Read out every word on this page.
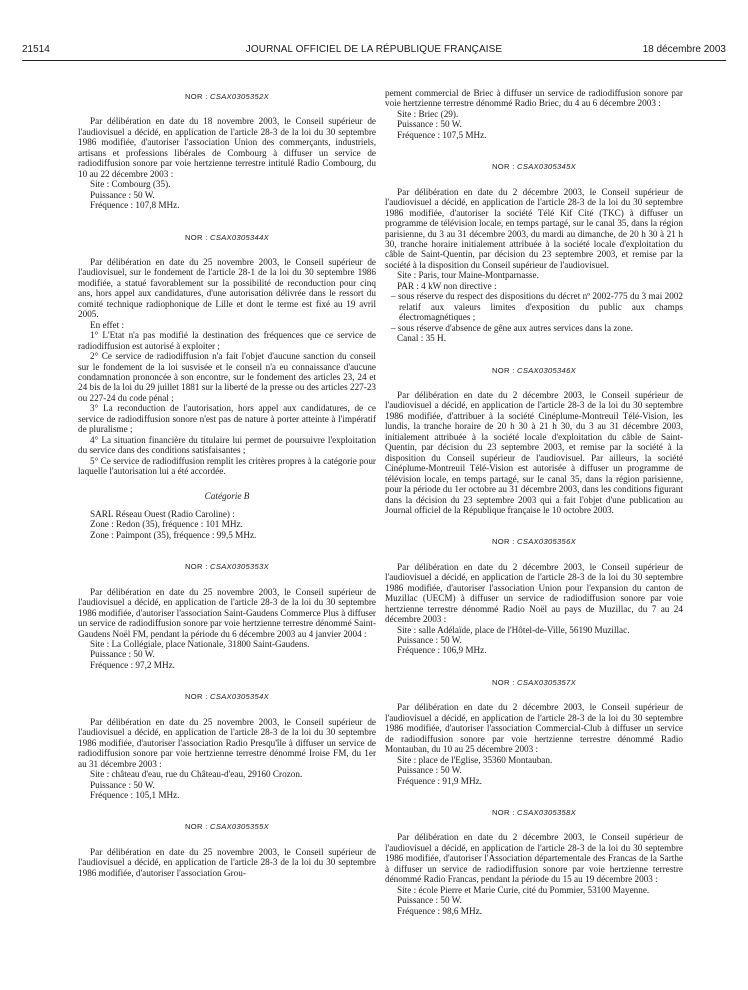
21514	JOURNAL OFFICIEL DE LA RÉPUBLIQUE FRANÇAISE	18 décembre 2003
NOR : CSAX0305352X

Par délibération en date du 18 novembre 2003, le Conseil supérieur de l'audiovisuel a décidé, en application de l'article 28-3 de la loi du 30 septembre 1986 modifiée, d'autoriser l'association Union des commerçants, industriels, artisans et professions libérales de Combourg à diffuser un service de radiodiffusion sonore par voie hertzienne terrestre intitulé Radio Combourg, du 10 au 22 décembre 2003 :

Site : Combourg (35).
Puissance : 50 W.
Fréquence : 107,8 MHz.
NOR : CSAX0305344X

Par délibération en date du 25 novembre 2003, le Conseil supérieur de l'audiovisuel, sur le fondement de l'article 28-1 de la loi du 30 septembre 1986 modifiée, a statué favorablement sur la possibilité de reconduction pour cinq ans, hors appel aux candidatures, d'une autorisation délivrée dans le ressort du comité technique radiophonique de Lille et dont le terme est fixé au 19 avril 2005.

En effet :

1° L'Etat n'a pas modifié la destination des fréquences que ce service de radiodiffusion est autorisé à exploiter ;

2° Ce service de radiodiffusion n'a fait l'objet d'aucune sanction du conseil sur le fondement de la loi susvisée et le conseil n'a eu connaissance d'aucune condamnation prononcée à son encontre, sur le fondement des articles 23, 24 et 24 bis de la loi du 29 juillet 1881 sur la liberté de la presse ou des articles 227-23 ou 227-24 du code pénal ;

3° La reconduction de l'autorisation, hors appel aux candidatures, de ce service de radiodiffusion sonore n'est pas de nature à porter atteinte à l'impératif de pluralisme ;

4° La situation financière du titulaire lui permet de poursuivre l'exploitation du service dans des conditions satisfaisantes ;

5° Ce service de radiodiffusion remplit les critères propres à la catégorie pour laquelle l'autorisation lui a été accordée.

Catégorie B
SARL Réseau Ouest (Radio Caroline) :
Zone : Redon (35), fréquence : 101 MHz.
Zone : Paimpont (35), fréquence : 99,5 MHz.
NOR : CSAX0305353X

Par délibération en date du 25 novembre 2003, le Conseil supérieur de l'audiovisuel a décidé, en application de l'article 28-3 de la loi du 30 septembre 1986 modifiée, d'autoriser l'association Saint-Gaudens Commerce Plus à diffuser un service de radiodiffusion sonore par voie hertzienne terrestre dénommé Saint-Gaudens Noël FM, pendant la période du 6 décembre 2003 au 4 janvier 2004 :

Site : La Collégiale, place Nationale, 31800 Saint-Gaudens.
Puissance : 50 W.
Fréquence : 97,2 MHz.
NOR : CSAX0305354X

Par délibération en date du 25 novembre 2003, le Conseil supérieur de l'audiovisuel a décidé, en application de l'article 28-3 de la loi du 30 septembre 1986 modifiée, d'autoriser l'association Radio Presqu'île à diffuser un service de radiodiffusion sonore par voie hertzienne terrestre dénommé Iroise FM, du 1er au 31 décembre 2003 :

Site : château d'eau, rue du Château-d'eau, 29160 Crozon.
Puissance : 50 W.
Fréquence : 105,1 MHz.
NOR : CSAX0305355X

Par délibération en date du 25 novembre 2003, le Conseil supérieur de l'audiovisuel a décidé, en application de l'article 28-3 de la loi du 30 septembre 1986 modifiée, d'autoriser l'association Grou-

pement commercial de Briec à diffuser un service de radiodiffusion sonore par voie hertzienne terrestre dénommé Radio Briec, du 4 au 6 décembre 2003 :
Site : Briec (29).
Puissance : 50 W.
Fréquence : 107,5 MHz.
NOR : CSAX0305345X

Par délibération en date du 2 décembre 2003, le Conseil supérieur de l'audiovisuel a décidé, en application de l'article 28-3 de la loi du 30 septembre 1986 modifiée, d'autoriser la société Télé Kif Cité (TKC) à diffuser un programme de télévision locale, en temps partagé, sur le canal 35, dans la région parisienne, du 3 au 31 décembre 2003, du mardi au dimanche, de 20 h 30 à 21 h 30, tranche horaire initialement attribuée à la société locale d'exploitation du câble de Saint-Quentin, par décision du 23 septembre 2003, et remise par la société à la disposition du Conseil supérieur de l'audiovisuel.

Site : Paris, tour Maine-Montparnasse.
PAR : 4 kW non directive :
– sous réserve du respect des dispositions du décret nº 2002-775 du 3 mai 2002 relatif aux valeurs limites d'exposition du public aux champs électromagnétiques ;
– sous réserve d'absence de gêne aux autres services dans la zone.
Canal : 35 H.
NOR : CSAX0305346X

Par délibération en date du 2 décembre 2003, le Conseil supérieur de l'audiovisuel a décidé, en application de l'article 28-3 de la loi du 30 septembre 1986 modifiée, d'attribuer à la société Cinéplume-Montreuil Télé-Vision, les lundis, la tranche horaire de 20 h 30 à 21 h 30, du 3 au 31 décembre 2003, initialement attribuée à la société locale d'exploitation du câble de Saint-Quentin, par décision du 23 septembre 2003, et remise par la société à la disposition du Conseil supérieur de l'audiovisuel. Par ailleurs, la société Cinéplume-Montreuil Télé-Vision est autorisée à diffuser un programme de télévision locale, en temps partagé, sur le canal 35, dans la région parisienne, pour la période du 1er octobre au 31 décembre 2003, dans les conditions figurant dans la décision du 23 septembre 2003 qui a fait l'objet d'une publication au Journal officiel de la République française le 10 octobre 2003.

NOR : CSAX0305356X

Par délibération en date du 2 décembre 2003, le Conseil supérieur de l'audiovisuel a décidé, en application de l'article 28-3 de la loi du 30 septembre 1986 modifiée, d'autoriser l'association Union pour l'expansion du canton de Muzillac (UECM) à diffuser un service de radiodiffusion sonore par voie hertzienne terrestre dénommé Radio Noël au pays de Muzillac, du 7 au 24 décembre 2003 :

Site : salle Adélaïde, place de l'Hôtel-de-Ville, 56190 Muzillac.
Puissance : 50 W.
Fréquence : 106,9 MHz.
NOR : CSAX0305357X

Par délibération en date du 2 décembre 2003, le Conseil supérieur de l'audiovisuel a décidé, en application de l'article 28-3 de la loi du 30 septembre 1986 modifiée, d'autoriser l'association Commercial-Club à diffuser un service de radiodiffusion sonore par voie hertzienne terrestre dénommé Radio Montauban, du 10 au 25 décembre 2003 :

Site : place de l'Eglise, 35360 Montauban.
Puissance : 50 W.
Fréquence : 91,9 MHz.
NOR : CSAX0305358X

Par délibération en date du 2 décembre 2003, le Conseil supérieur de l'audiovisuel a décidé, en application de l'article 28-3 de la loi du 30 septembre 1986 modifiée, d'autoriser l'Association départementale des Francas de la Sarthe à diffuser un service de radiodiffusion sonore par voie hertzienne terrestre dénommé Radio Francas, pendant la période du 15 au 19 décembre 2003 :

Site : école Pierre et Marie Curie, cité du Pommier, 53100 Mayenne.
Puissance : 50 W.
Fréquence : 98,6 MHz.
